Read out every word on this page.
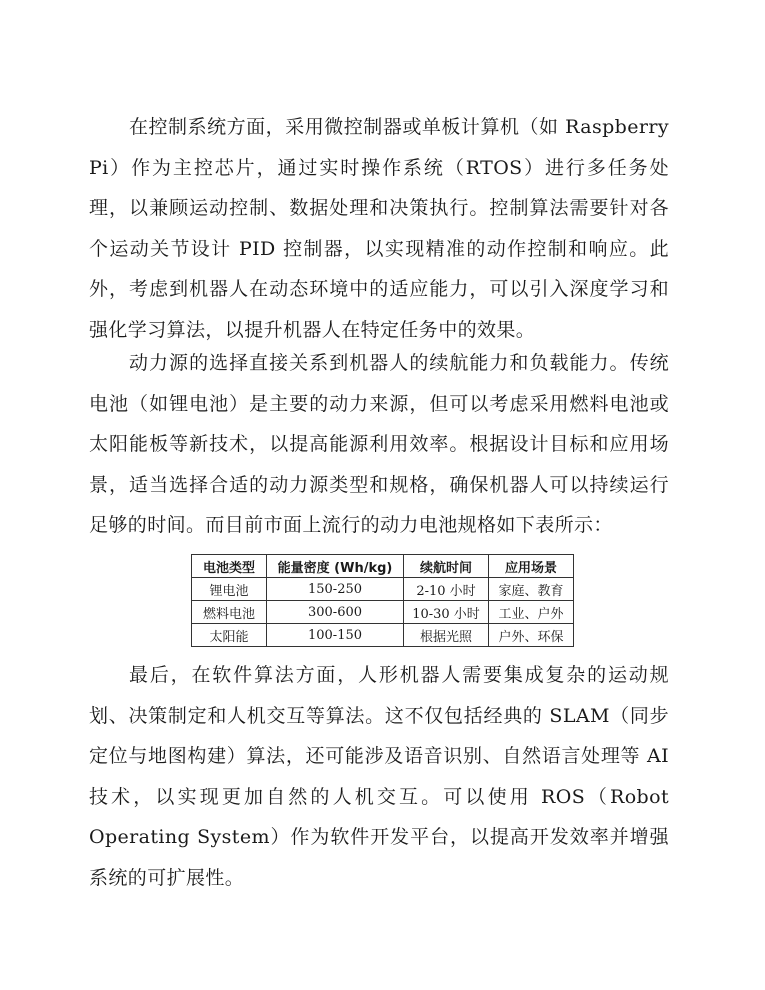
在控制系统方面，采用微控制器或单板计算机（如 Raspberry Pi）作为主控芯片，通过实时操作系统（RTOS）进行多任务处理，以兼顾运动控制、数据处理和决策执行。控制算法需要针对各个运动关节设计 PID 控制器，以实现精准的动作控制和响应。此外，考虑到机器人在动态环境中的适应能力，可以引入深度学习和强化学习算法，以提升机器人在特定任务中的效果。

动力源的选择直接关系到机器人的续航能力和负载能力。传统电池（如锂电池）是主要的动力来源，但可以考虑采用燃料电池或太阳能板等新技术，以提高能源利用效率。根据设计目标和应用场景，适当选择合适的动力源类型和规格，确保机器人可以持续运行足够的时间。而目前市面上流行的动力电池规格如下表所示：

电池类型	能量密度 (Wh/kg)	续航时间	应用场景
锂电池	150-250	2-10 小时	家庭、教育
燃料电池	300-600	10-30 小时	工业、户外
太阳能	100-150	根据光照	户外、环保

最后，在软件算法方面，人形机器人需要集成复杂的运动规划、决策制定和人机交互等算法。这不仅包括经典的 SLAM（同步定位与地图构建）算法，还可能涉及语音识别、自然语言处理等 AI 技术，以实现更加自然的人机交互。可以使用 ROS（Robot Operating System）作为软件开发平台，以提高开发效率并增强系统的可扩展性。
